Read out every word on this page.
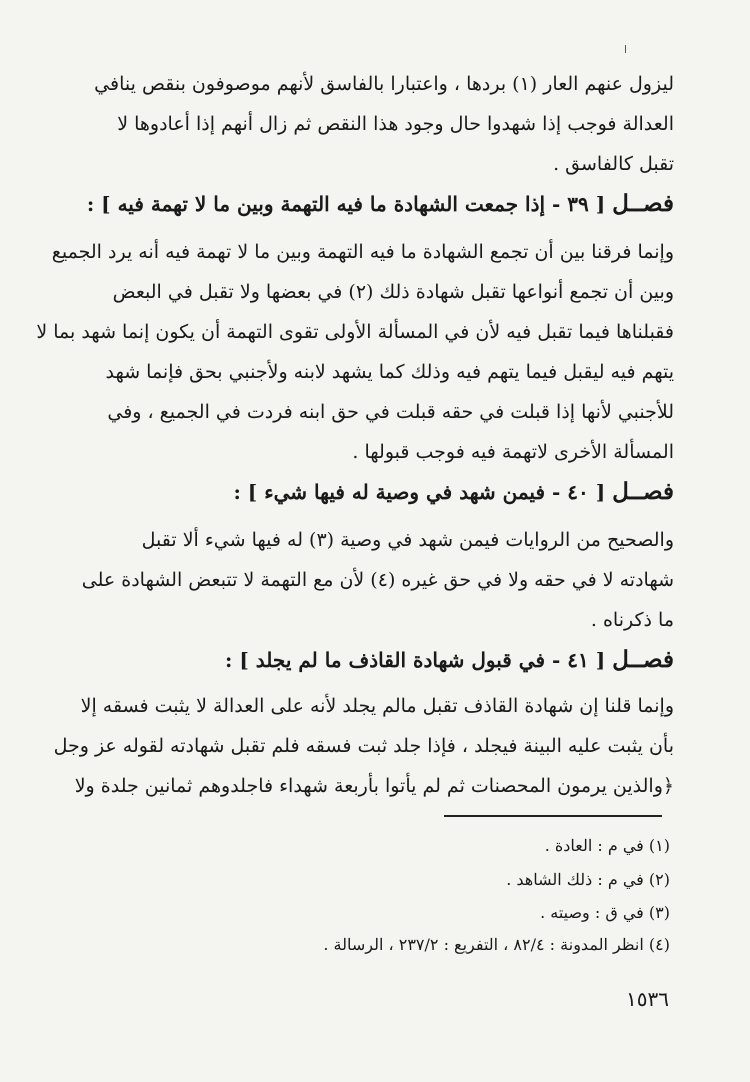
ليزول عنهم العار (١) بردها ، واعتبارا بالفاسق لأنهم موصوفون بنقص ينافي
العدالة فوجب إذا شهدوا حال وجود هذا النقص ثم زال أنهم إذا أعادوها لا
تقبل كالفاسق .
فصــل [ ٣٩ - إذا جمعت الشهادة ما فيه التهمة وبين ما لا تهمة فيه ] :
وإنما فرقنا بين أن تجمع الشهادة ما فيه التهمة وبين ما لا تهمة فيه أنه يرد الجميع
وبين أن تجمع أنواعها تقبل شهادة ذلك (٢) في بعضها ولا تقبل في البعض
فقبلناها فيما تقبل فيه لأن في المسألة الأولى تقوى التهمة أن يكون إنما شهد بما لا
يتهم فيه ليقبل فيما يتهم فيه وذلك كما يشهد لابنه ولأجنبي بحق فإنما شهد
للأجنبي لأنها إذا قبلت في حقه قبلت في حق ابنه فردت في الجميع ، وفي
المسألة الأخرى لاتهمة فيه فوجب قبولها .
فصــل [ ٤٠ - فيمن شهد في وصية له فيها شيء ] :
والصحيح من الروايات فيمن شهد في وصية (٣) له فيها شيء ألا تقبل
شهادته لا في حقه ولا في حق غيره (٤) لأن مع التهمة لا تتبعض الشهادة على
ما ذكرناه .
فصــل [ ٤١ - في قبول شهادة القاذف ما لم يجلد ] :
وإنما قلنا إن شهادة القاذف تقبل مالم يجلد لأنه على العدالة لا يثبت فسقه إلا
بأن يثبت عليه البينة فيجلد ، فإذا جلد ثبت فسقه فلم تقبل شهادته لقوله عز وجل
﴿والذين يرمون المحصنات ثم لم يأتوا بأربعة شهداء فاجلدوهم ثمانين جلدة ولا
(١) في م : العادة .
(٢) في م : ذلك الشاهد .
(٣) في ق : وصيته .
(٤) انظر المدونة : ٨٢/٤ ، التفريع : ٢٣٧/٢ ، الرسالة .
١٥٣٦
